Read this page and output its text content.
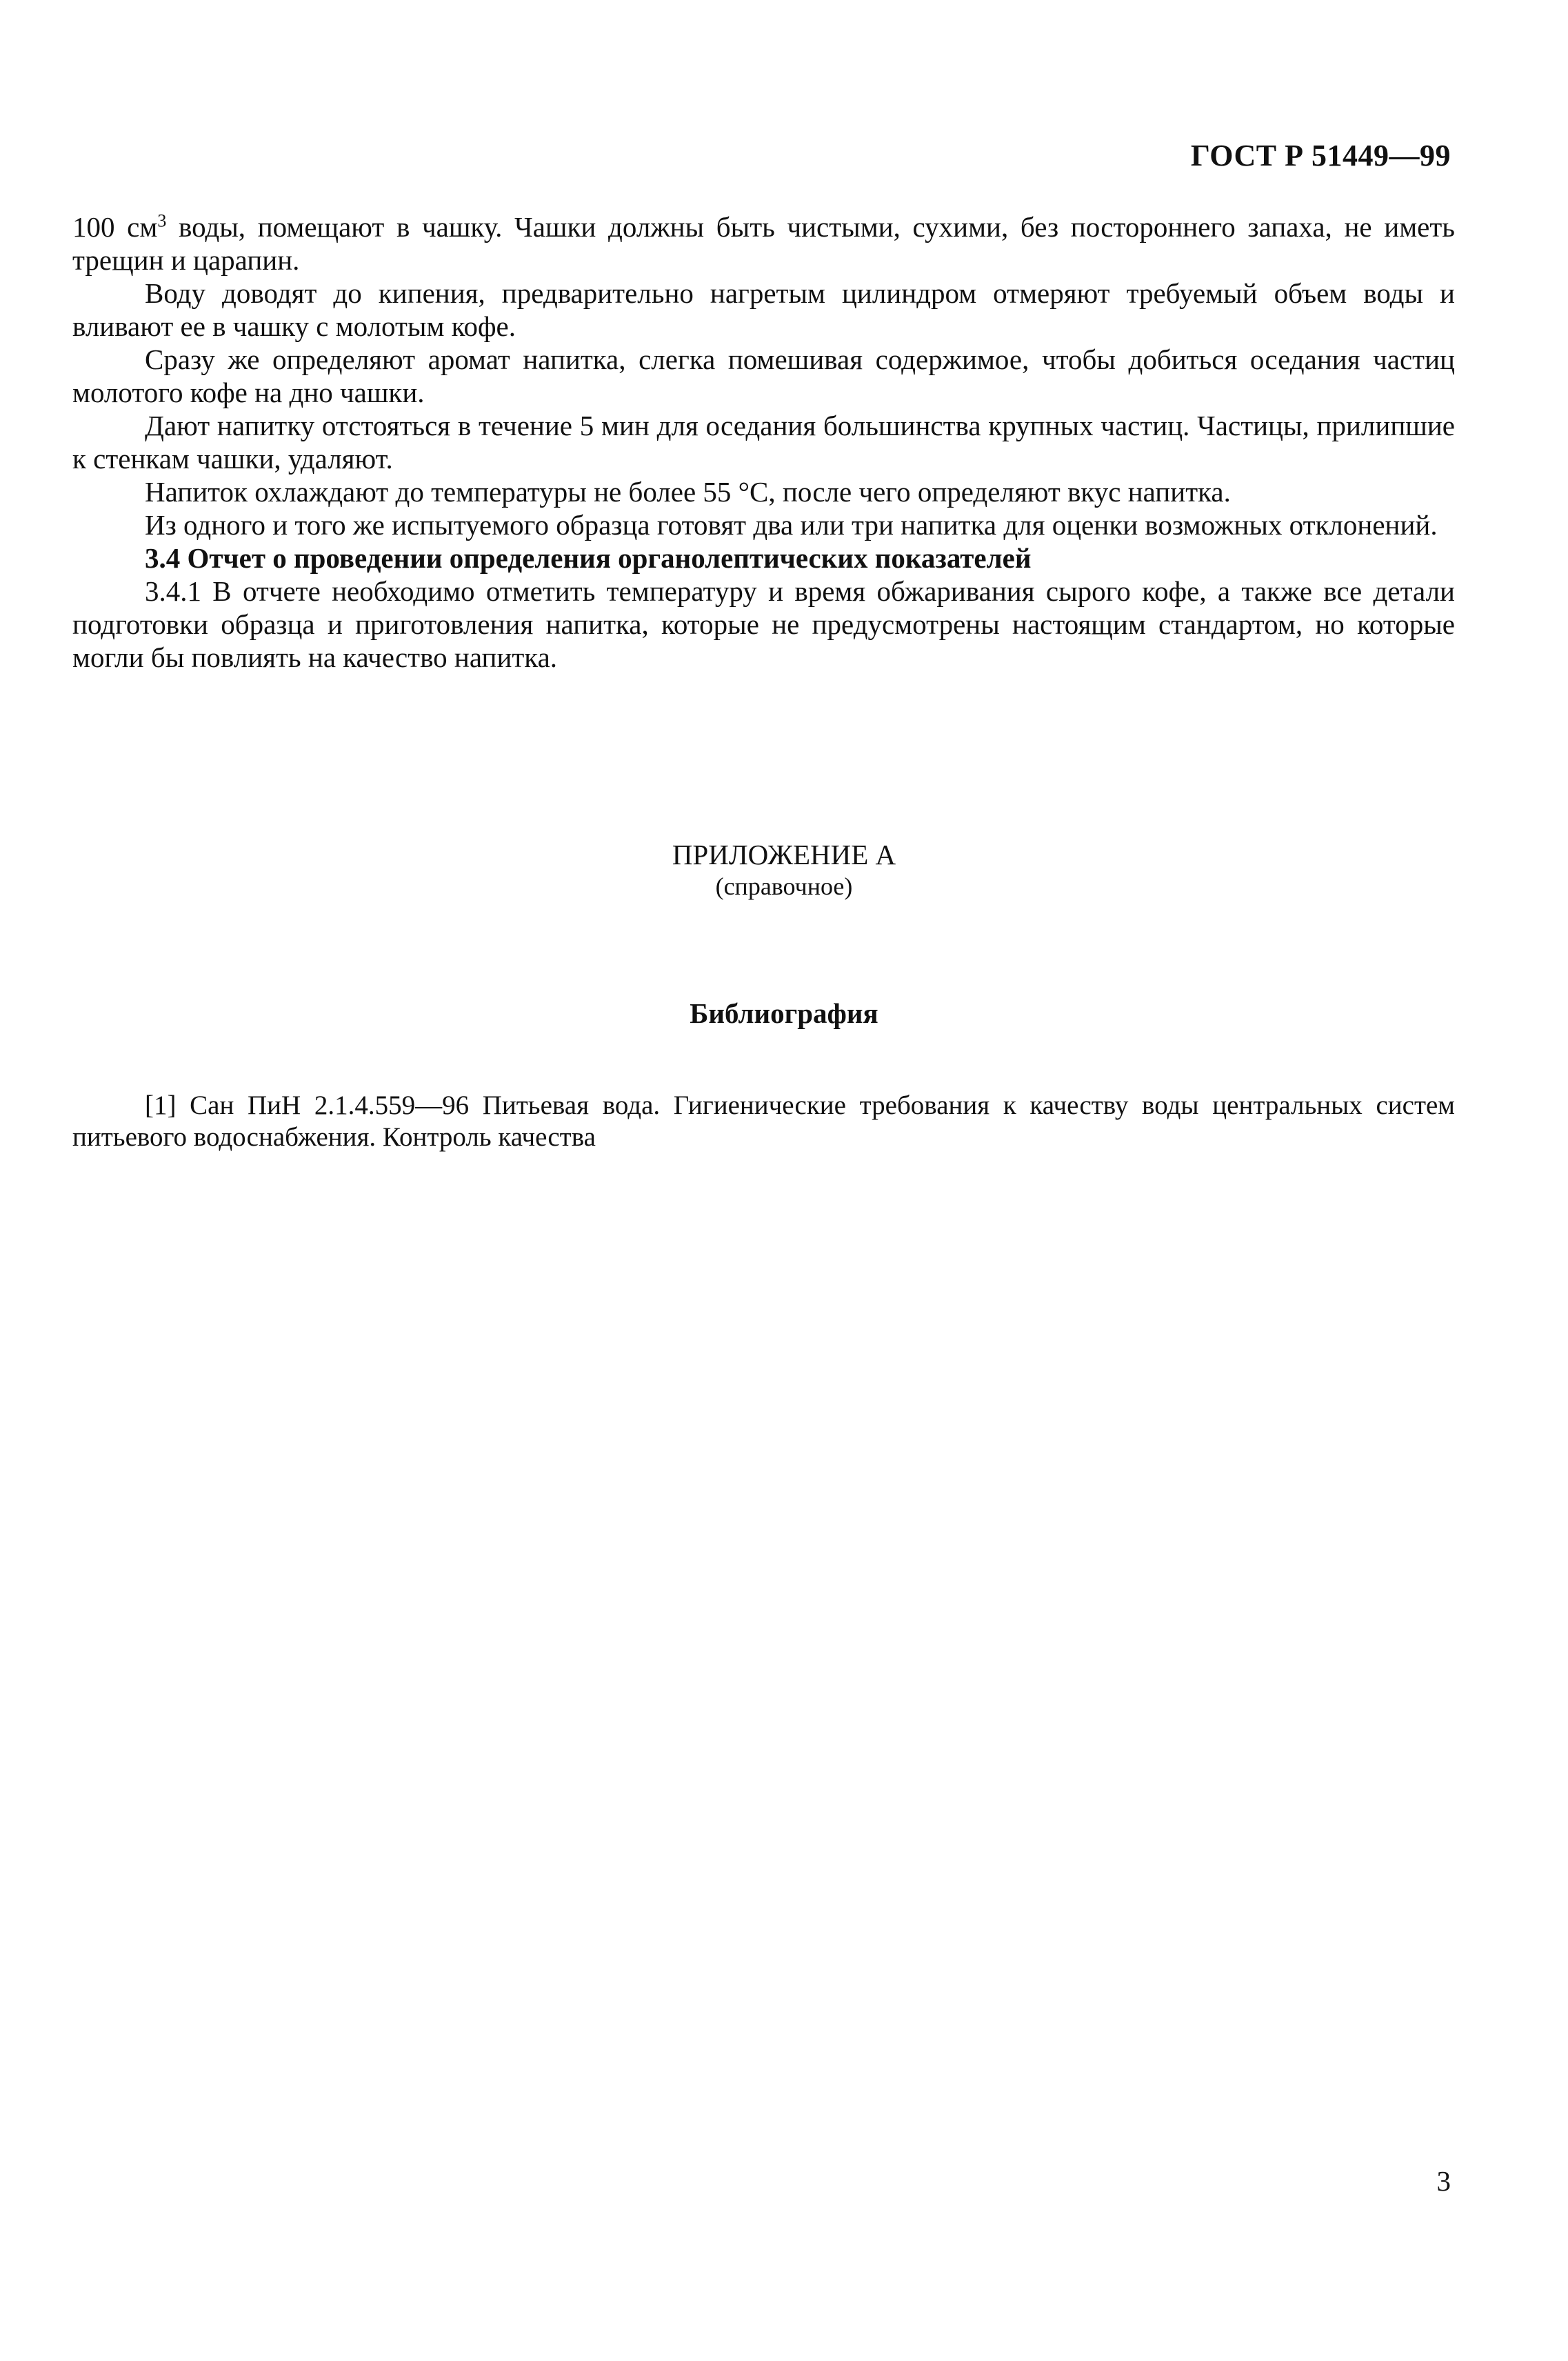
ГОСТ Р 51449—99

100 $см^3$ воды, помещают в чашку. Чашки должны быть чистыми, сухими, без постороннего запаха, не иметь трещин и царапин.

Воду доводят до кипения, предварительно нагретым цилиндром отмеряют требуемый объем воды и вливают ее в чашку с молотым кофе.

Сразу же определяют аромат напитка, слегка помешивая содержимое, чтобы добиться оседания частиц молотого кофе на дно чашки.

Дают напитку отстояться в течение 5 мин для оседания большинства крупных частиц. Частицы, прилипшие к стенкам чашки, удаляют.

Напиток охлаждают до температуры не более 55 °С, после чего определяют вкус напитка.

Из одного и того же испытуемого образца готовят два или три напитка для оценки возможных отклонений.

3.4 Отчет о проведении определения органолептических показателей

3.4.1 В отчете необходимо отметить температуру и время обжаривания сырого кофе, а также все детали подготовки образца и приготовления напитка, которые не предусмотрены настоящим стандартом, но которые могли бы повлиять на качество напитка.

ПРИЛОЖЕНИЕ А
(справочное)
Библиография
[1] Сан ПиН 2.1.4.559—96 Питьевая вода. Гигиенические требования к качеству воды центральных систем питьевого водоснабжения. Контроль качества
3
